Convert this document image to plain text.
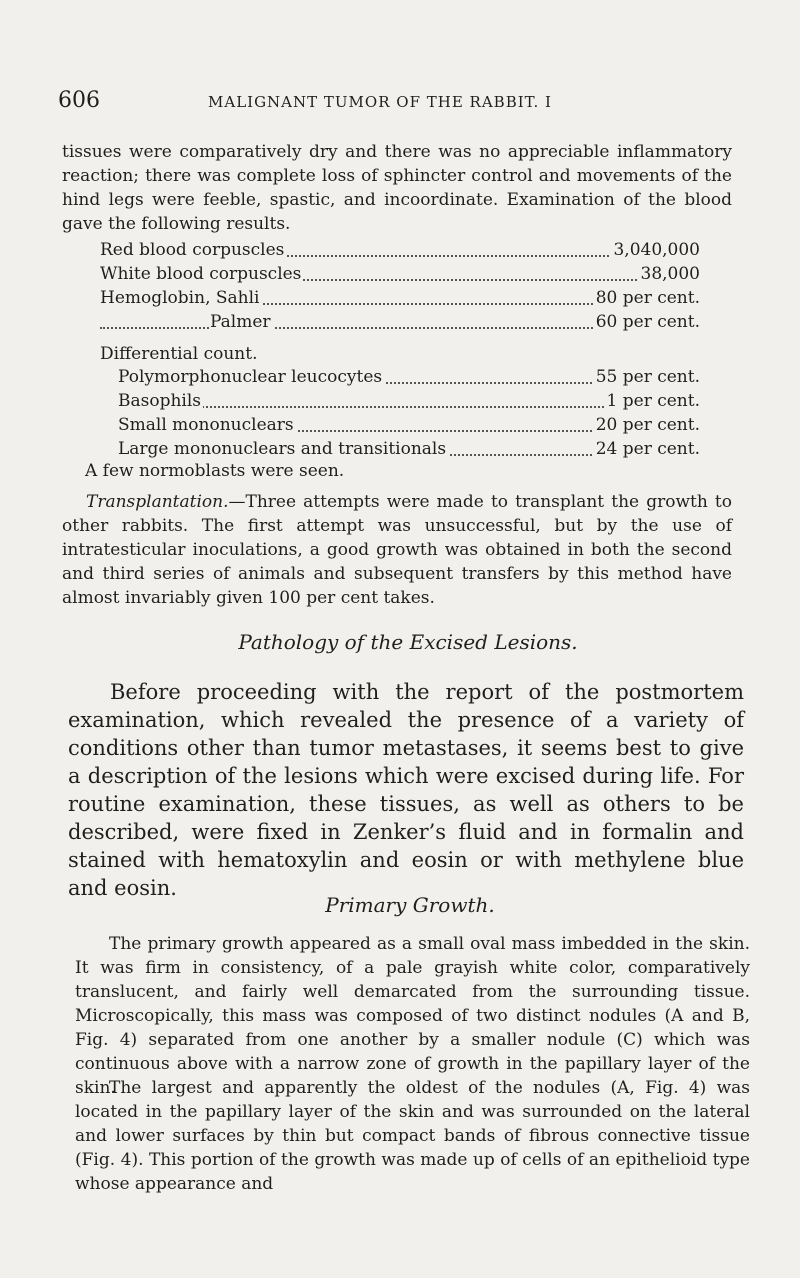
606	MALIGNANT TUMOR OF THE RABBIT. I

tissues were comparatively dry and there was no appreciable inflammatory reaction; there was complete loss of sphincter control and movements of the hind legs were feeble, spastic, and incoordinate. Examination of the blood gave the following results.

Red blood corpuscles	3,040,000
White blood corpuscles	38,000
Hemoglobin, Sahli	80 per cent.
Palmer	60 per cent.
Differential count.
Polymorphonuclear leucocytes	55 per cent.
Basophils	1 per cent.
Small mononuclears	20 per cent.
Large mononuclears and transitionals	24 per cent.
A few normoblasts were seen.

Transplantation.—Three attempts were made to transplant the growth to other rabbits. The first attempt was unsuccessful, but by the use of intratesticular inoculations, a good growth was obtained in both the second and third series of animals and subsequent transfers by this method have almost invariably given 100 per cent takes.

Pathology of the Excised Lesions.

Before proceeding with the report of the postmortem examination, which revealed the presence of a variety of conditions other than tumor metastases, it seems best to give a description of the lesions which were excised during life. For routine examination, these tissues, as well as others to be described, were fixed in Zenker’s fluid and in formalin and stained with hematoxylin and eosin or with methylene blue and eosin.

Primary Growth.

The primary growth appeared as a small oval mass imbedded in the skin. It was firm in consistency, of a pale grayish white color, comparatively translucent, and fairly well demarcated from the surrounding tissue. Microscopically, this mass was composed of two distinct nodules (A and B, Fig. 4) separated from one another by a smaller nodule (C) which was continuous above with a narrow zone of growth in the papillary layer of the skin.

The largest and apparently the oldest of the nodules (A, Fig. 4) was located in the papillary layer of the skin and was surrounded on the lateral and lower surfaces by thin but compact bands of fibrous connective tissue (Fig. 4). This portion of the growth was made up of cells of an epithelioid type whose appearance and
